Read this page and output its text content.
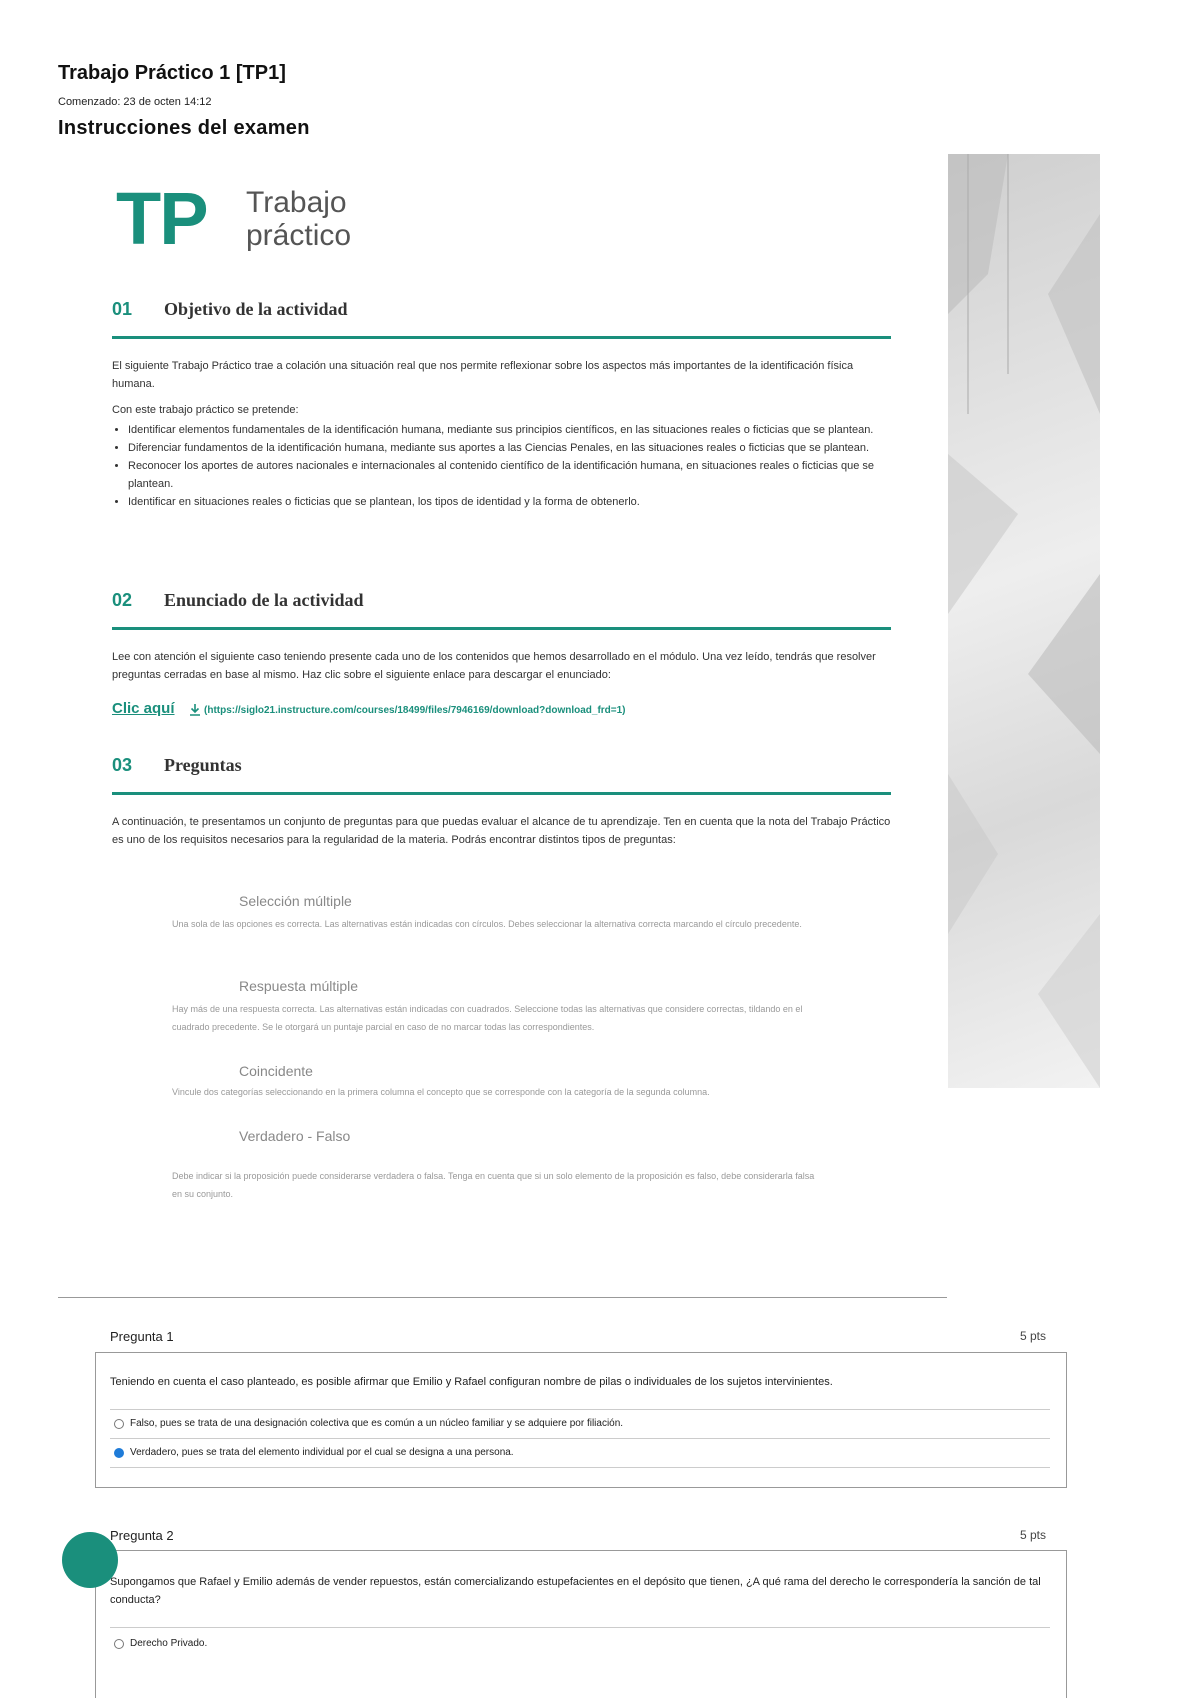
Trabajo Práctico 1 [TP1]
Comenzado: 23 de octen 14:12
Instrucciones del examen
TP Trabajo
práctico
01 Objetivo de la actividad
El siguiente Trabajo Práctico trae a colación una situación real que nos permite reflexionar sobre los aspectos más importantes de la identificación física humana.
Con este trabajo práctico se pretende:
• Identificar elementos fundamentales de la identificación humana, mediante sus principios científicos, en las situaciones reales o ficticias que se plantean.
• Diferenciar fundamentos de la identificación humana, mediante sus aportes a las Ciencias Penales, en las situaciones reales o ficticias que se plantean.
• Reconocer los aportes de autores nacionales e internacionales al contenido científico de la identificación humana, en situaciones reales o ficticias que se plantean.
• Identificar en situaciones reales o ficticias que se plantean, los tipos de identidad y la forma de obtenerlo.
02 Enunciado de la actividad
Lee con atención el siguiente caso teniendo presente cada uno de los contenidos que hemos desarrollado en el módulo. Una vez leído, tendrás que resolver preguntas cerradas en base al mismo. Haz clic sobre el siguiente enlace para descargar el enunciado:
Clic aquí	(https://siglo21.instructure.com/courses/18499/files/7946169/download?download_frd=1)
03 Preguntas
A continuación, te presentamos un conjunto de preguntas para que puedas evaluar el alcance de tu aprendizaje. Ten en cuenta que la nota del Trabajo Práctico es uno de los requisitos necesarios para la regularidad de la materia. Podrás encontrar distintos tipos de preguntas:
Selección múltiple
Una sola de las opciones es correcta. Las alternativas están indicadas con círculos. Debes seleccionar la alternativa correcta marcando el círculo precedente.
Respuesta múltiple
Hay más de una respuesta correcta. Las alternativas están indicadas con cuadrados. Seleccione todas las alternativas que considere correctas, tildando en el cuadrado precedente. Se le otorgará un puntaje parcial en caso de no marcar todas las correspondientes.
Coincidente
Vincule dos categorías seleccionando en la primera columna el concepto que se corresponde con la categoría de la segunda columna.
Verdadero - Falso
Debe indicar si la proposición puede considerarse verdadera o falsa. Tenga en cuenta que si un solo elemento de la proposición es falso, debe considerarla falsa en su conjunto.
Pregunta 1	5 pts
Teniendo en cuenta el caso planteado, es posible afirmar que Emilio y Rafael configuran nombre de pilas o individuales de los sujetos intervinientes.
Falso, pues se trata de una designación colectiva que es común a un núcleo familiar y se adquiere por filiación.
Verdadero, pues se trata del elemento individual por el cual se designa a una persona.
Pregunta 2	5 pts
Supongamos que Rafael y Emilio además de vender repuestos, están comercializando estupefacientes en el depósito que tienen, ¿A qué rama del derecho le correspondería la sanción de tal conducta?
Derecho Privado.
